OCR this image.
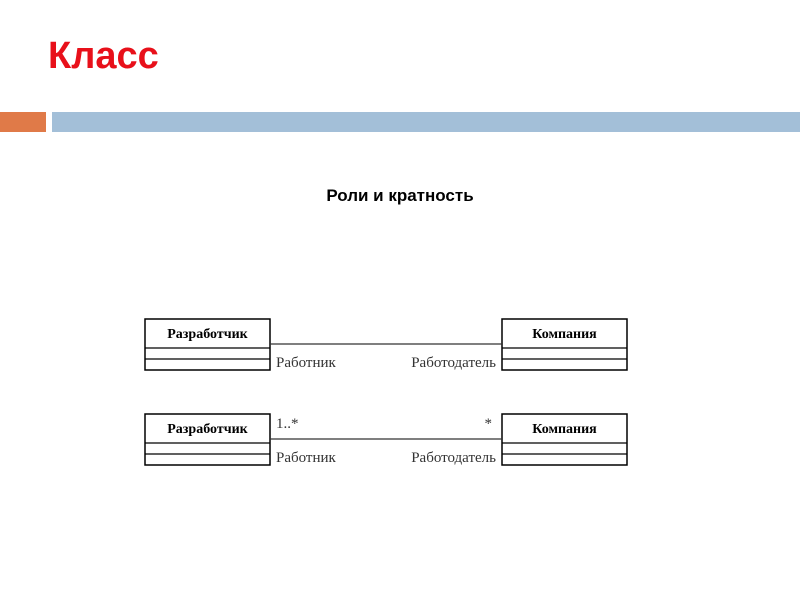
Класс

Роли и кратность

Разработчик	Компания
Работник	Работодатель
Разработчик	Компания
1..*	*
Работник	Работодатель
